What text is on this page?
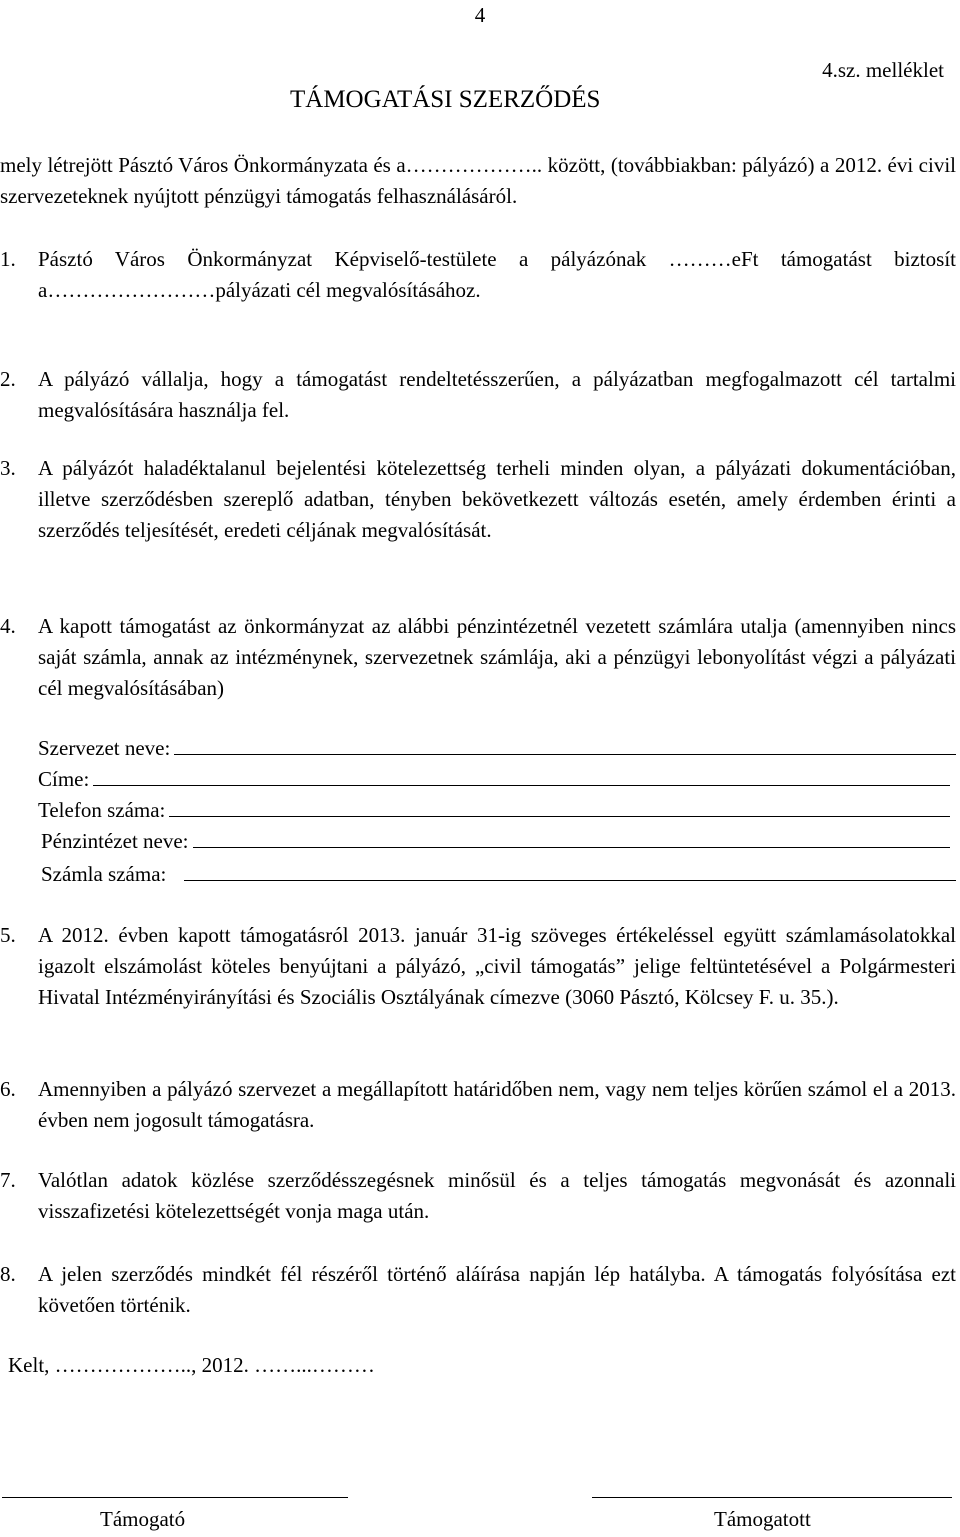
4
4.sz. melléklet
TÁMOGATÁSI SZERZŐDÉS
mely létrejött Pásztó Város Önkormányzata és a……………….. között, (továbbiakban: pályázó) a 2012. évi civil szervezeteknek nyújtott pénzügyi támogatás felhasználásáról.
1. Pásztó Város Önkormányzat Képviselő-testülete a pályázónak ………eFt támogatást biztosít a……………………pályázati cél megvalósításához.
2. A pályázó vállalja, hogy a támogatást rendeltetésszerűen, a pályázatban megfogalmazott cél tartalmi megvalósítására használja fel.
3. A pályázót haladéktalanul bejelentési kötelezettség terheli minden olyan, a pályázati dokumentációban, illetve szerződésben szereplő adatban, tényben bekövetkezett változás esetén, amely érdemben érinti a szerződés teljesítését, eredeti céljának megvalósítását.
4. A kapott támogatást az önkormányzat az alábbi pénzintézetnél vezetett számlára utalja (amennyiben nincs saját számla, annak az intézménynek, szervezetnek számlája, aki a pénzügyi lebonyolítást végzi a pályázati cél megvalósításában)
Szervezet neve:
Címe:
Telefon száma:
Pénzintézet neve:
Számla száma:
5. A 2012. évben kapott támogatásról 2013. január 31-ig szöveges értékeléssel együtt számlamásolatokkal igazolt elszámolást köteles benyújtani a pályázó, „civil támogatás” jelige feltüntetésével a Polgármesteri Hivatal Intézményirányítási és Szociális Osztályának címezve (3060 Pásztó, Kölcsey F. u. 35.).
6. Amennyiben a pályázó szervezet a megállapított határidőben nem, vagy nem teljes körűen számol el a 2013. évben nem jogosult támogatásra.
7. Valótlan adatok közlése szerződésszegésnek minősül és a teljes támogatás megvonását és azonnali visszafizetési kötelezettségét vonja maga után.
8. A jelen szerződés mindkét fél részéről történő aláírása napján lép hatályba. A támogatás folyósítása ezt követően történik.
Kelt, ……………….., 2012. ……...………
Támogató	Támogatott
